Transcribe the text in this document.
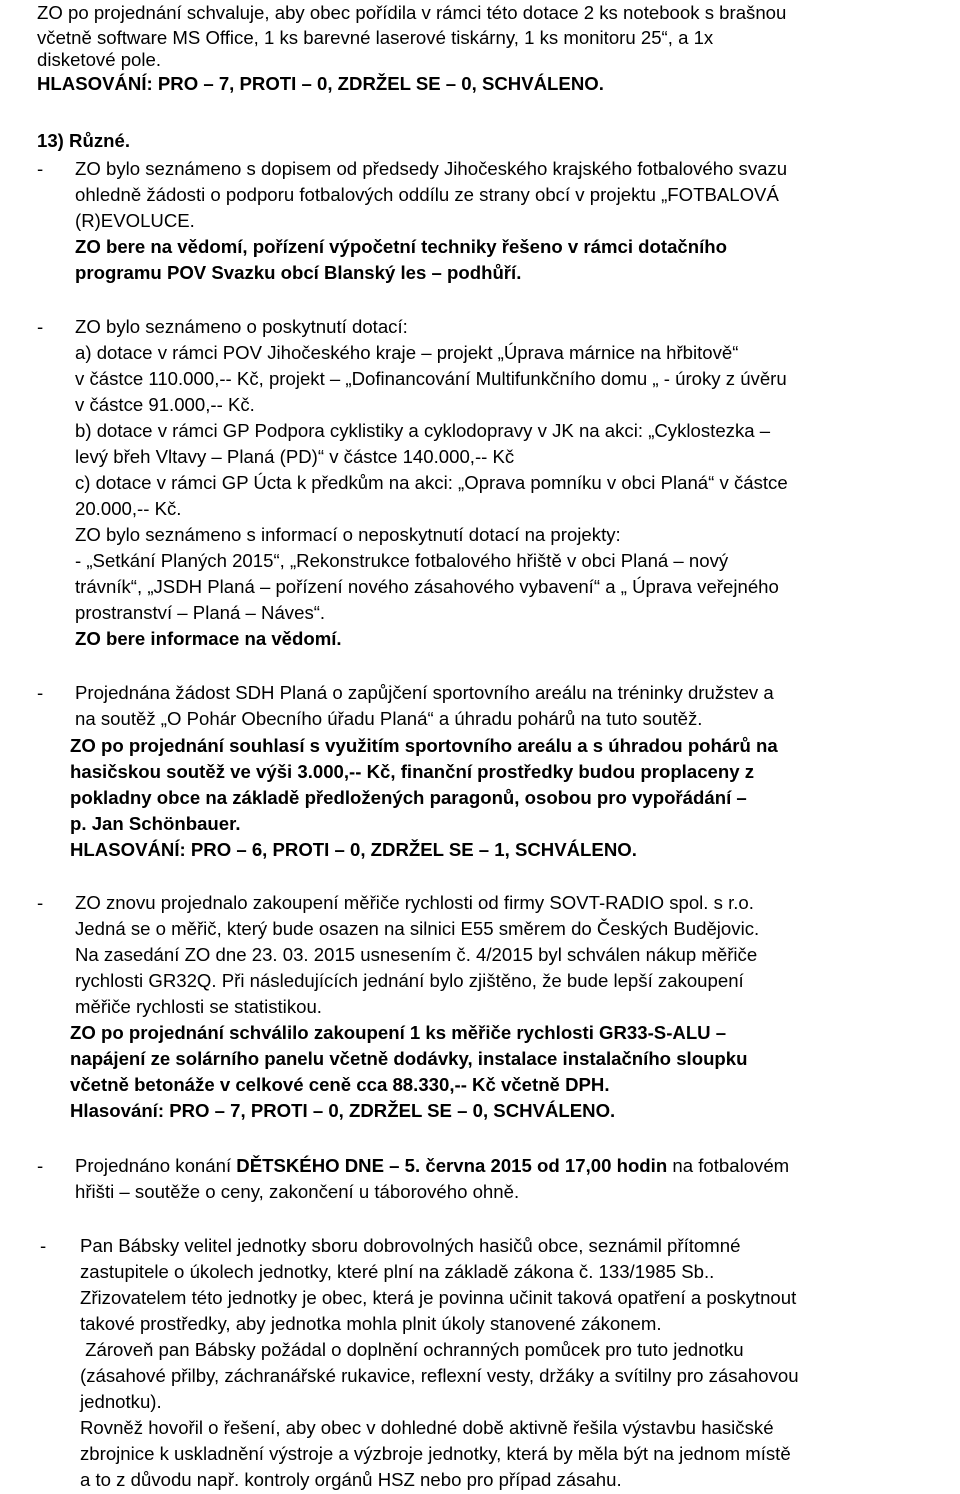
ZO po projednání schvaluje, aby obec pořídila v rámci této dotace 2 ks notebook s brašnou
včetně software MS Office, 1 ks barevné laserové tiskárny, 1 ks monitoru 25“, a 1x
disketové pole.
HLASOVÁNÍ: PRO – 7, PROTI – 0, ZDRŽEL SE – 0, SCHVÁLENO.
13) Různé.
- ZO bylo seznámeno s dopisem od předsedy Jihočeského krajského fotbalového svazu
ohledně žádosti o podporu fotbalových oddílu ze strany obcí v projektu „FOTBALOVÁ
(R)EVOLUCE.
ZO bere na vědomí, pořízení výpočetní techniky řešeno v rámci dotačního
programu POV Svazku obcí Blanský les – podhůří.
- ZO bylo seznámeno o poskytnutí dotací:
a) dotace v rámci POV Jihočeského kraje – projekt „Úprava márnice na hřbitově“
v částce 110.000,-- Kč, projekt – „Dofinancování Multifunkčního domu „ - úroky z úvěru
v částce 91.000,-- Kč.
b) dotace v rámci GP Podpora cyklistiky a cyklodopravy v JK na akci: „Cyklostezka –
levý břeh Vltavy – Planá (PD)“ v částce 140.000,-- Kč
c) dotace v rámci GP Úcta k předkům na akci: „Oprava pomníku v obci Planá“ v částce
20.000,-- Kč.
ZO bylo seznámeno s informací o neposkytnutí dotací na projekty:
- „Setkání Planých 2015“, „Rekonstrukce fotbalového hřiště v obci Planá – nový
trávník“, „JSDH Planá – pořízení nového zásahového vybavení“ a „ Úprava veřejného
prostranství – Planá – Náves“.
ZO bere informace na vědomí.
- Projednána žádost SDH Planá o zapůjčení sportovního areálu na tréninky družstev a
na soutěž „O Pohár Obecního úřadu Planá“ a úhradu pohárů na tuto soutěž.
ZO po projednání souhlasí s využitím sportovního areálu a s úhradou pohárů na
hasičskou soutěž ve výši 3.000,-- Kč, finanční prostředky budou proplaceny z
pokladny obce na základě předložených paragonů, osobou pro vypořádání –
p. Jan Schönbauer.
HLASOVÁNÍ: PRO – 6, PROTI – 0, ZDRŽEL SE – 1, SCHVÁLENO.
- ZO znovu projednalo zakoupení měřiče rychlosti od firmy SOVT-RADIO spol. s r.o.
Jedná se o měřič, který bude osazen na silnici E55 směrem do Českých Budějovic.
Na zasedání ZO dne 23. 03. 2015 usnesením č. 4/2015 byl schválen nákup měřiče
rychlosti GR32Q. Při následujících jednání bylo zjištěno, že bude lepší zakoupení
měřiče rychlosti se statistikou.
ZO po projednání schválilo zakoupení 1 ks měřiče rychlosti GR33-S-ALU –
napájení ze solárního panelu včetně dodávky, instalace instalačního sloupku
včetně betonáže v celkové ceně cca 88.330,-- Kč včetně DPH.
Hlasování: PRO – 7, PROTI – 0, ZDRŽEL SE – 0, SCHVÁLENO.
- Projednáno konání DĚTSKÉHO DNE – 5. června 2015 od 17,00 hodin na fotbalovém
hřišti – soutěže o ceny, zakončení u táborového ohně.
- Pan Bábsky velitel jednotky sboru dobrovolných hasičů obce, seznámil přítomné
zastupitele o úkolech jednotky, které plní na základě zákona č. 133/1985 Sb..
Zřizovatelem této jednotky je obec, která je povinna učinit taková opatření a poskytnout
takové prostředky, aby jednotka mohla plnit úkoly stanovené zákonem.
Zároveň pan Bábsky požádal o doplnění ochranných pomůcek pro tuto jednotku
(zásahové přilby, záchranářské rukavice, reflexní vesty, držáky a svítilny pro zásahovou
jednotku).
Rovněž hovořil o řešení, aby obec v dohledné době aktivně řešila výstavbu hasičské
zbrojnice k uskladnění výstroje a výzbroje jednotky, která by měla být na jednom místě
a to z důvodu např. kontroly orgánů HSZ nebo pro případ zásahu.
